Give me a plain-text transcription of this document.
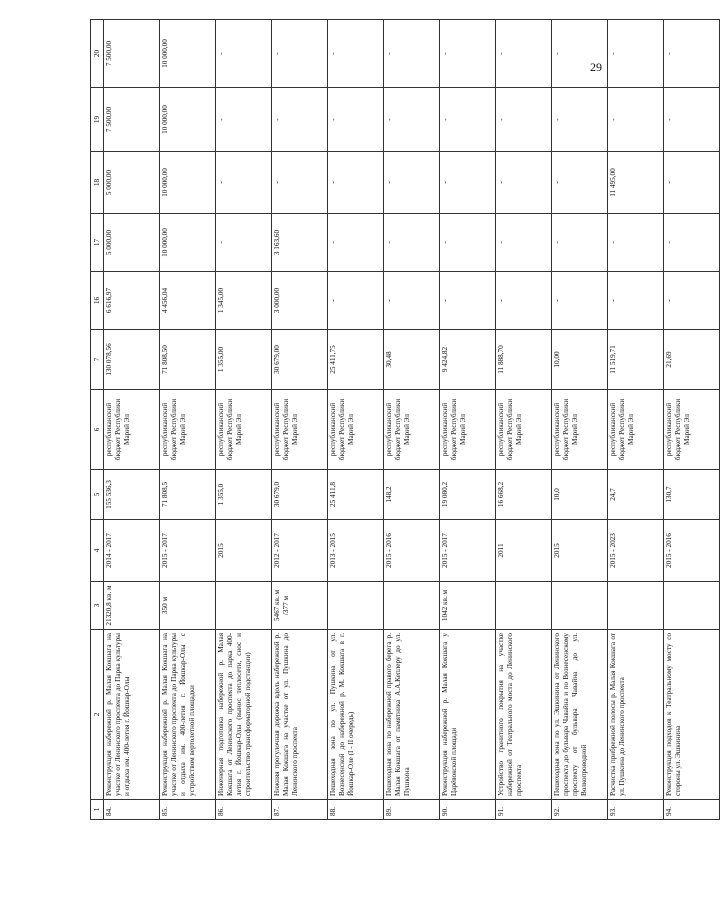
29
1	2	3	4	5	6	7	16	17	18	19	20
84.	Реконструкция набережной р. Малая Кокшага на участке от Ленинского проспекта до Парка культуры и отдыха им. 400-летия г. Йошкар-Олы	21320,8 кв. м	2014 - 2017	155 536,3	республиканский бюджет Республики Марий Эл	130 078,56	6 616,97	5 000,00	5 000,00	7 500,00	7 500,00
85.	Реконструкция набережной р. Малая Кокшага на участке от Ленинского проспекта до Парка культуры и отдыха им. 400-летия г. Йошкар-Олы с устройством вертолетной площадки	350 м	2015 - 2017	71 808,5	республиканский бюджет Республики Марий Эл	71 808,50	4 456,04	10 000,00	10 000,00	10 000,00	10 000,00
86.	Инженерная подготовка набережной р. Малая Кокшага от Ленинского проспекта до парка 400-летия г. Йошкар-Олы (вынос теплосети, снос и строительство трансформаторной подстанции)		2015	1 355,0	республиканский бюджет Республики Марий Эл	1 355,00	1 345,00	-	-	-	-
87.	Нижняя прогулочная дорожка вдоль набережной р. Малая Кокшага на участке от ул. Пушкина до Ленинского проспекта	5467 кв. м /377 м	2012 - 2017	30 679,0	республиканский бюджет Республики Марий Эл	30 679,00	3 000,00	3 163,60	-	-	-
88.	Пешеходная зона по ул. Пушкина от ул. Вознесенской до набережной р. М. Кокшага в г. Йошкар-Оле (I - II очередь)		2013 - 2015	25 411,8	республиканский бюджет Республики Марий Эл	25 411,75	-	-	-	-	-
89.	Пешеходная зона по набережной правого берега р. Малая Кокшага от памятника А.А.Кеплеру до ул. Пушкина		2015 - 2016	148,2	республиканский бюджет Республики Марий Эл	30,48	-	-	-	-	-
90.	Реконструкция набережной р. Малая Кокшага у Царёвокской площади	1042 кв. м	2015 - 2017	19 080,2	республиканский бюджет Республики Марий Эл	9 424,82	-	-	-	-	-
91.	Устройство гранитного покрытия на участке набережной от Театрального моста до Ленинского проспекта		2011	16 668,2	республиканский бюджет Республики Марий Эл	11 888,70	-	-	-	-	-
92.	Пешеходная зона по ул. Эшкинина от Ленинского проспекта до бульвара Чавайна и по Вознесенскому проспекту от бульвара Чавайна до ул. Волкопроводной		2015	10,0	республиканский бюджет Республики Марий Эл	10,00	-	-	-	-	-
93.	Расчистка прибрежной полосы р. Малая Кокшага от ул. Пушкина до Ленинского проспекта		2015 - 2023	24,7	республиканский бюджет Республики Марий Эл	11 519,71	-	-	11 495,00	-	-
94.	Реконструкция подходов к Театральному мосту со стороны ул. Эшкинина		2015 - 2016	130,7	республиканский бюджет Республики Марий Эл	21,69	-	-	-	-	-
